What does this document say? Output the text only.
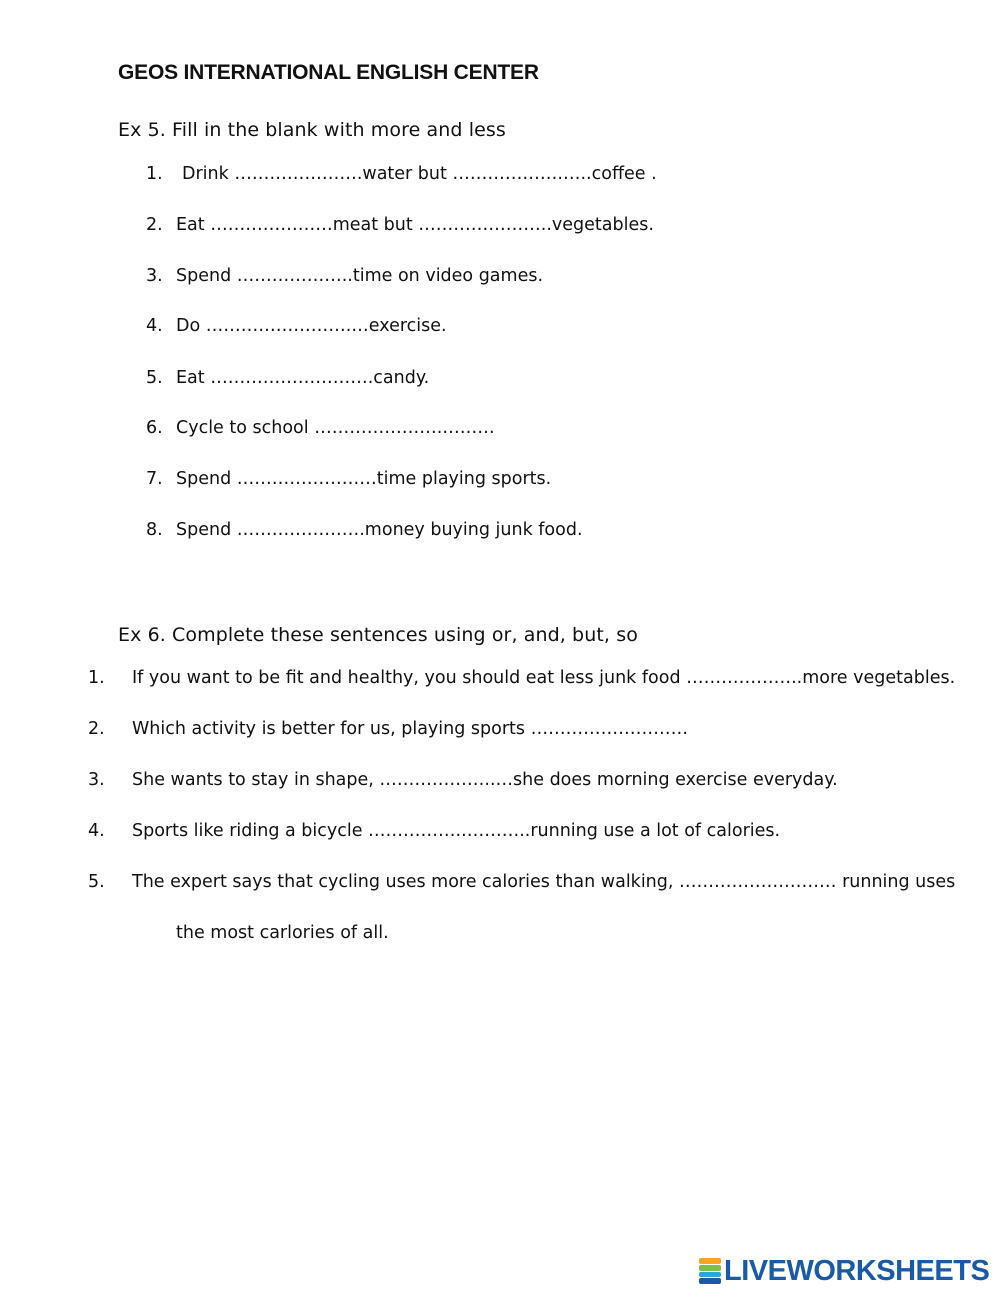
GEOS INTERNATIONAL ENGLISH CENTER
Ex 5. Fill in the blank with more and less
1. Drink ………………….water but ……………….…..coffee .
2. Eat …………………meat but …………………..vegetables.
3. Spend ………………..time on video games.
4. Do …………………….…exercise.
5. Eat ……………………….candy.
6. Cycle to school ………………….………
7. Spend ……………………time playing sports.
8. Spend ………………….money buying junk food.
Ex 6. Complete these sentences using or, and, but, so
1. If you want to be fit and healthy, you should eat less junk food ………………..more vegetables.
2. Which activity is better for us, playing sports ………………………
3. She wants to stay in shape, ………………..…she does morning exercise everyday.
4. Sports like riding a bicycle ……………..………..running use a lot of calories.
5. The expert says that cycling uses more calories than walking, ……………………… running uses
the most carlories of all.
LIVEWORKSHEETS
